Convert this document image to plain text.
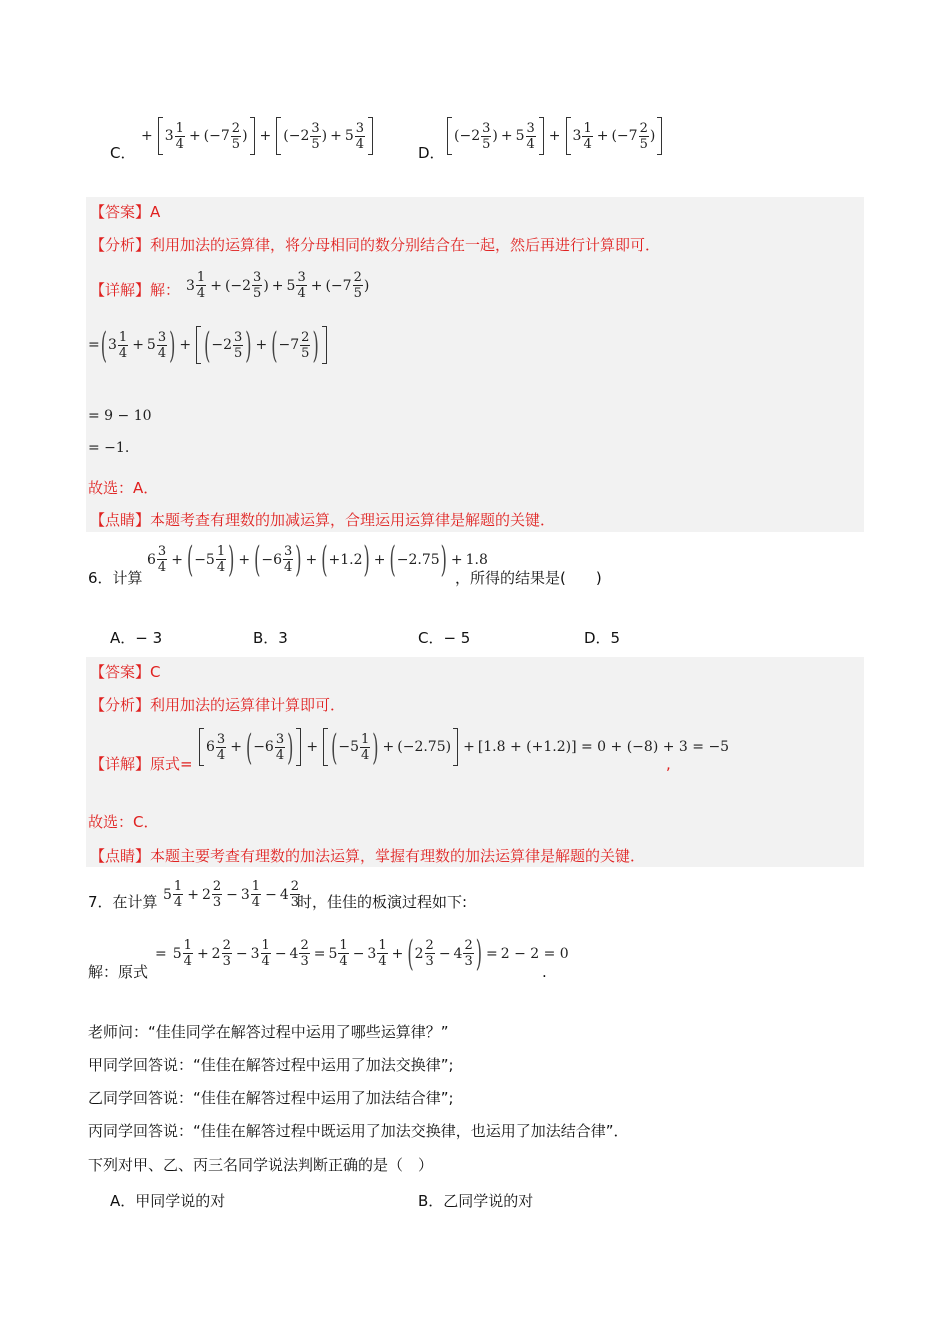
C．
+ 3 1
4 + (−7 2
5 ) + (−2 3
5 ) + 5 3
4	D．
(−2 3
5 ) + 5 3
4 + 3 1
4 + (−7 2
5 )
【答案】A
【分析】利用加法的运算律，将分母相同的数分别结合在一起，然后再进行计算即可．
【详解】解： 3 1
4 + (−2 3
5 ) + 5 3
4 + (−7 2
5 )
= ( 3 1
4 + 5 3
4 ) + ( −2 3
5 ) + ( −7 2
5 )
= 9 − 10
= −1.
故选：A．
【点睛】本题考查有理数的加减运算，合理运用运算律是解题的关键．
6．计算
6 3
4 + ( −5 1
4 ) + ( −6 3
4 ) + ( +1.2 ) + ( −2.75 ) + 1.8
，所得的结果是(　　)
A．− 3	B．3	C．− 5	D．5
【答案】C
【分析】利用加法的运算律计算即可．
【详解】原式=
6 3
4 + ( −6 3
4 ) + ( −5 1
4 ) + (−2.75) + [1.8 + (+1.2)] = 0 + (−8) + 3 = −5
,
故选：C．
【点睛】本题主要考查有理数的加法运算，掌握有理数的加法运算律是解题的关键．
7．在计算 5 1
4 + 2 2
3 − 3 1
4 − 4 2
3
时，佳佳的板演过程如下:
解：原式
= 5 1
4 + 2 2
3 − 3 1
$4 - 4 \frac{2}{3} = 5$ 1
4 − 3 1
4 + ( 2 2
3 − 4 2
3 ) = 2 − 2 = 0
.
老师问：“佳佳同学在解答过程中运用了哪些运算律？”
甲同学回答说：“佳佳在解答过程中运用了加法交换律”;
乙同学回答说：“佳佳在解答过程中运用了加法结合律”;
丙同学回答说：“佳佳在解答过程中既运用了加法交换律，也运用了加法结合律”．
下列对甲、乙、丙三名同学说法判断正确的是（　）
A．甲同学说的对	B．乙同学说的对
